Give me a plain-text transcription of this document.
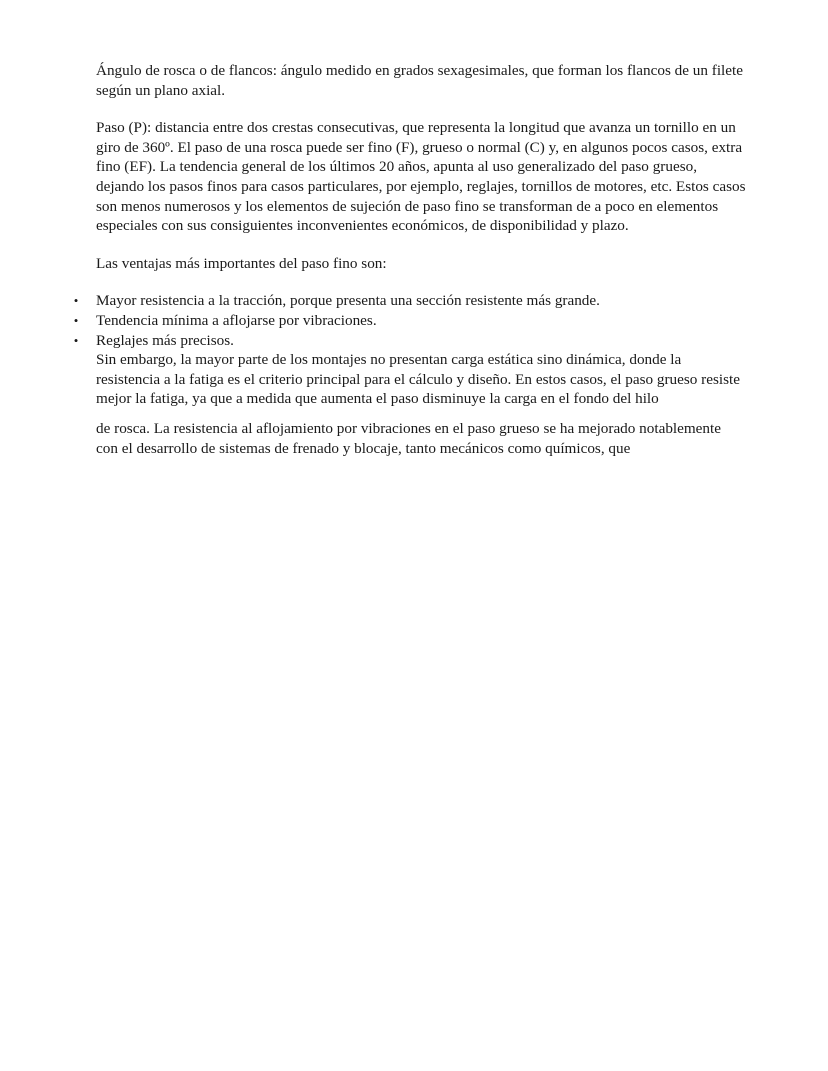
Ángulo de rosca o de flancos: ángulo medido en grados sexagesimales, que forman los flancos de un filete según un plano axial.

Paso (P): distancia entre dos crestas consecutivas, que representa la longitud que avanza un tornillo en un giro de 360º. El paso de una rosca puede ser fino (F), grueso o normal (C) y, en algunos pocos casos, extra fino (EF). La tendencia general de los últimos 20 años, apunta al uso generalizado del paso grueso, dejando los pasos finos para casos particulares, por ejemplo, reglajes, tornillos de motores, etc. Estos casos son menos numerosos y los elementos de sujeción de paso fino se transforman de a poco en elementos especiales con sus consiguientes inconvenientes económicos, de disponibilidad y plazo.

Las ventajas más importantes del paso fino son:

• Mayor resistencia a la tracción, porque presenta una sección resistente más grande.
• Tendencia mínima a aflojarse por vibraciones.
• Reglajes más precisos.

Sin embargo, la mayor parte de los montajes no presentan carga estática sino dinámica, donde la resistencia a la fatiga es el criterio principal para el cálculo y diseño. En estos casos, el paso grueso resiste mejor la fatiga, ya que a medida que aumenta el paso disminuye la carga en el fondo del hilo

de rosca. La resistencia al aflojamiento por vibraciones en el paso grueso se ha mejorado notablemente con el desarrollo de sistemas de frenado y blocaje, tanto mecánicos como químicos, que
